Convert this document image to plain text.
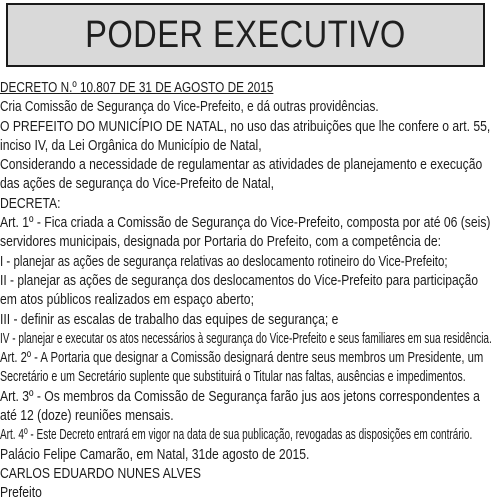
PODER EXECUTIVO
DECRETO N.º 10.807 DE 31 DE AGOSTO DE 2015
Cria Comissão de Segurança do Vice-Prefeito, e dá outras providências.
O PREFEITO DO MUNICÍPIO DE NATAL, no uso das atribuições que lhe confere o art. 55,
inciso IV, da Lei Orgânica do Município de Natal,
Considerando a necessidade de regulamentar as atividades de planejamento e execução
das ações de segurança do Vice-Prefeito de Natal,
DECRETA:
Art. 1º - Fica criada a Comissão de Segurança do Vice-Prefeito, composta por até 06 (seis)
servidores municipais, designada por Portaria do Prefeito, com a competência de:
I - planejar as ações de segurança relativas ao deslocamento rotineiro do Vice-Prefeito;
II - planejar as ações de segurança dos deslocamentos do Vice-Prefeito para participação
em atos públicos realizados em espaço aberto;
III - definir as escalas de trabalho das equipes de segurança; e
IV - planejar e executar os atos necessários à segurança do Vice-Prefeito e seus familiares em sua residência.
Art. 2º - A Portaria que designar a Comissão designará dentre seus membros um Presidente, um
Secretário e um Secretário suplente que substituirá o Titular nas faltas, ausências e impedimentos.
Art. 3º - Os membros da Comissão de Segurança farão jus aos jetons correspondentes a
até 12 (doze) reuniões mensais.
Art. 4º - Este Decreto entrará em vigor na data de sua publicação, revogadas as disposições em contrário.
Palácio Felipe Camarão, em Natal, 31de agosto de 2015.
CARLOS EDUARDO NUNES ALVES
Prefeito
